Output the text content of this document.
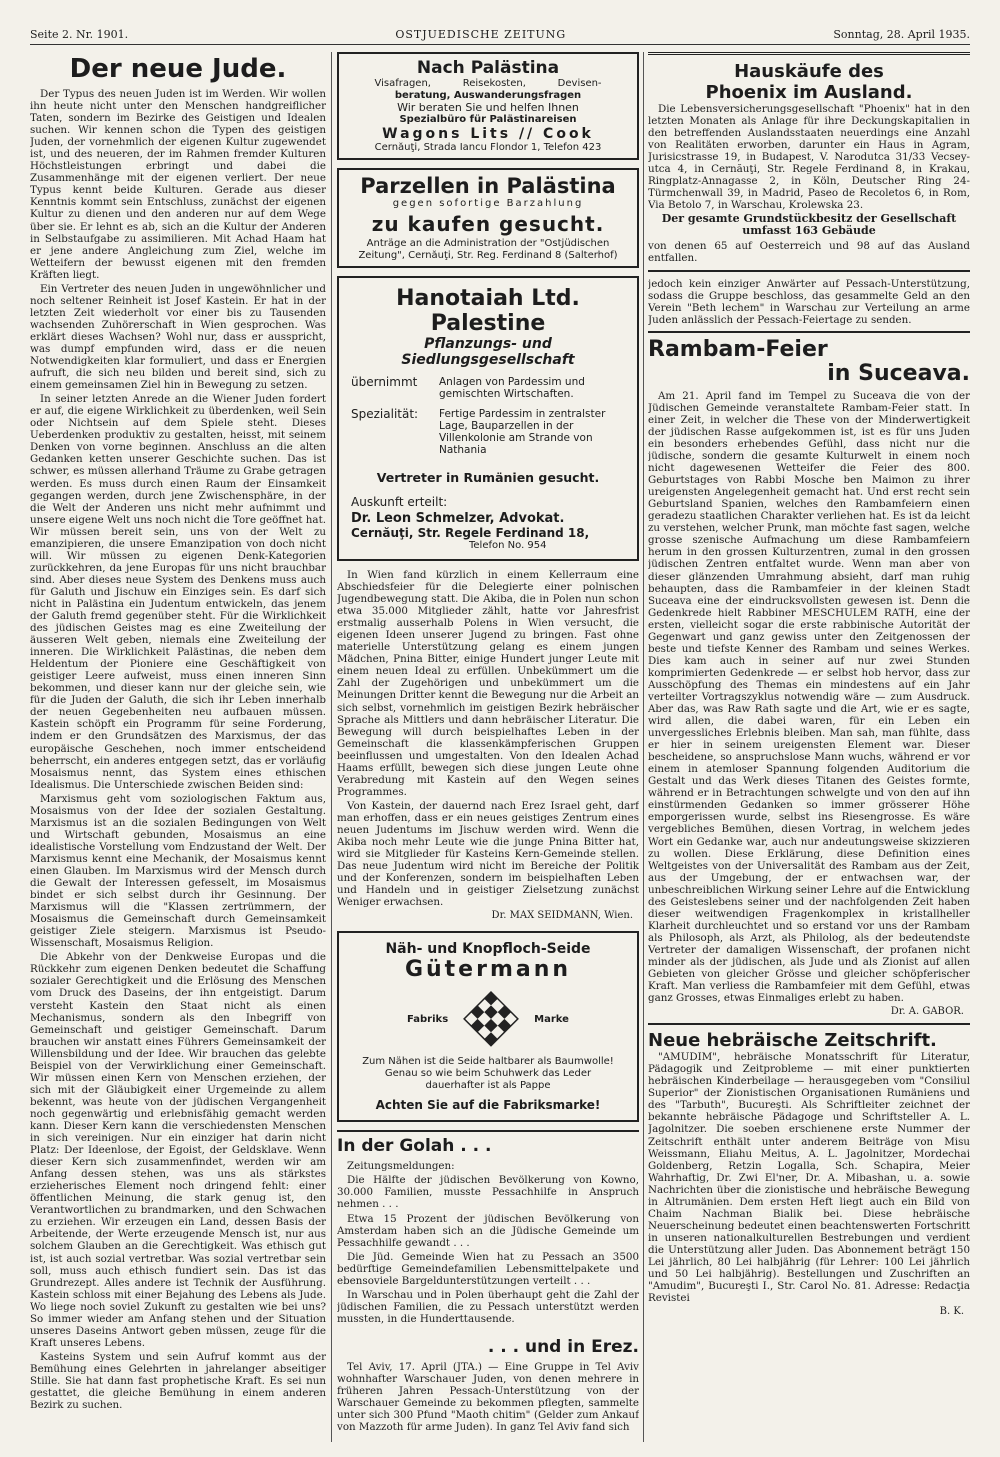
Seite 2. Nr. 1901.	OSTJUEDISCHE ZEITUNG	Sonntag, 28. April 1935.
Der neue Jude.

Der Typus des neuen Juden ist im Werden. Wir wollen ihn heute nicht unter den Menschen handgreiflicher Taten, sondern im Bezirke des Geistigen und Idealen suchen. Wir kennen schon die Typen des geistigen Juden, der vornehmlich der eigenen Kultur zugewendet ist, und des neueren, der im Rahmen fremder Kulturen Höchstleistungen erbringt und dabei die Zusammenhänge mit der eigenen verliert. Der neue Typus kennt beide Kulturen. Gerade aus dieser Kenntnis kommt sein Entschluss, zunächst der eigenen Kultur zu dienen und den anderen nur auf dem Wege über sie. Er lehnt es ab, sich an die Kultur der Anderen in Selbstaufgabe zu assimilieren. Mit Achad Haam hat er jene andere Angleichung zum Ziel, welche im Wetteifern der bewusst eigenen mit den fremden Kräften liegt.

Ein Vertreter des neuen Juden in ungewöhnlicher und noch seltener Reinheit ist Josef Kastein. Er hat in der letzten Zeit wiederholt vor einer bis zu Tausenden wachsenden Zuhörerschaft in Wien gesprochen. Was erklärt dieses Wachsen? Wohl nur, dass er ausspricht, was dumpf empfunden wird, dass er die neuen Notwendigkeiten klar formuliert, und dass er Energien aufruft, die sich neu bilden und bereit sind, sich zu einem gemeinsamen Ziel hin in Bewegung zu setzen.

In seiner letzten Anrede an die Wiener Juden fordert er auf, die eigene Wirklichkeit zu überdenken, weil Sein oder Nichtsein auf dem Spiele steht. Dieses Ueberdenken produktiv zu gestalten, heisst, mit seinem Denken von vorne beginnen. Anschluss an die alten Gedanken ketten unserer Geschichte suchen. Das ist schwer, es müssen allerhand Träume zu Grabe getragen werden. Es muss durch einen Raum der Einsamkeit gegangen werden, durch jene Zwischensphäre, in der die Welt der Anderen uns nicht mehr aufnimmt und unsere eigene Welt uns noch nicht die Tore geöffnet hat. Wir müssen bereit sein, uns von der Welt zu emanzipieren, die unsere Emanzipation von doch nicht will. Wir müssen zu eigenen Denk-Kategorien zurückkehren, da jene Europas für uns nicht brauchbar sind. Aber dieses neue System des Denkens muss auch für Galuth und Jischuw ein Einziges sein. Es darf sich nicht in Palästina ein Judentum entwickeln, das jenem der Galuth fremd gegenüber steht. Für die Wirklichkeit des jüdischen Geistes mag es eine Zweiteilung der äusseren Welt geben, niemals eine Zweiteilung der inneren. Die Wirklichkeit Palästinas, die neben dem Heldentum der Pioniere eine Geschäftigkeit von geistiger Leere aufweist, muss einen inneren Sinn bekommen, und dieser kann nur der gleiche sein, wie für die Juden der Galuth, die sich ihr Leben innerhalb der neuen Gegebenheiten neu aufbauen müssen. Kastein schöpft ein Programm für seine Forderung, indem er den Grundsätzen des Marxismus, der das europäische Geschehen, noch immer entscheidend beherrscht, ein anderes entgegen setzt, das er vorläufig Mosaismus nennt, das System eines ethischen Idealismus. Die Unterschiede zwischen Beiden sind:

Marxismus geht vom soziologischen Faktum aus, Mosaismus von der Idee der sozialen Gestaltung. Marxismus ist an die sozialen Bedingungen von Welt und Wirtschaft gebunden, Mosaismus an eine idealistische Vorstellung vom Endzustand der Welt. Der Marxismus kennt eine Mechanik, der Mosaismus kennt einen Glauben. Im Marxismus wird der Mensch durch die Gewalt der Interessen gefesselt, im Mosaismus bindet er sich selbst durch ihr Gesinnung. Der Marxismus will die "Klassen zertrümmern, der Mosaismus die Gemeinschaft durch Gemeinsamkeit geistiger Ziele steigern. Marxismus ist Pseudo-Wissenschaft, Mosaismus Religion.

Die Abkehr von der Denkweise Europas und die Rückkehr zum eigenen Denken bedeutet die Schaffung sozialer Gerechtigkeit und die Erlösung des Menschen vom Druck des Daseins, der ihn entgeistigt. Darum versteht Kastein den Staat nicht als einen Mechanismus, sondern als den Inbegriff von Gemeinschaft und geistiger Gemeinschaft. Darum brauchen wir anstatt eines Führers Gemeinsamkeit der Willensbildung und der Idee. Wir brauchen das gelebte Beispiel von der Verwirklichung einer Gemeinschaft. Wir müssen einen Kern von Menschen erziehen, der sich mit der Gläubigkeit einer Urgemeinde zu allem bekennt, was heute von der jüdischen Vergangenheit noch gegenwärtig und erlebnisfähig gemacht werden kann. Dieser Kern kann die verschiedensten Menschen in sich vereinigen. Nur ein einziger hat darin nicht Platz: Der Ideenlose, der Egoist, der Geldsklave. Wenn dieser Kern sich zusammenfindet, werden wir am Anfang dessen stehen, was uns als stärkstes erzieherisches Element noch dringend fehlt: einer öffentlichen Meinung, die stark genug ist, den Verantwortlichen zu brandmarken, und den Schwachen zu erziehen. Wir erzeugen ein Land, dessen Basis der Arbeitende, der Werte erzeugende Mensch ist, nur aus solchem Glauben an die Gerechtigkeit. Was ethisch gut ist, ist auch sozial vertretbar. Was sozial vertretbar sein soll, muss auch ethisch fundiert sein. Das ist das Grundrezept. Alles andere ist Technik der Ausführung. Kastein schloss mit einer Bejahung des Lebens als Jude. Wo liege noch soviel Zukunft zu gestalten wie bei uns? So immer wieder am Anfang stehen und der Situation unseres Daseins Antwort geben müssen, zeuge für die Kraft unseres Lebens.

Kasteins System und sein Aufruf kommt aus der Bemühung eines Gelehrten in jahrelanger abseitiger Stille. Sie hat dann fast prophetische Kraft. Es sei nun gestattet, die gleiche Bemühung in einem anderen Bezirk zu suchen.

Nach Palästina
Visafragen,          Reisekosten,          Devisen-
beratung, Auswanderungsfragen
Wir beraten Sie und helfen Ihnen
Spezialbüro für Palästinareisen
Wagons Lits // Cook
Cernăuţi, Strada Iancu Flondor 1, Telefon 423
Parzellen in Palästina
gegen sofortige Barzahlung
zu kaufen gesucht.
Anträge an die Administration der "Ostjüdischen Zeitung", Cernăuţi, Str. Reg. Ferdinand 8 (Salterhof)
Hanotaiah Ltd. Palestine
Pflanzungs- und
Siedlungsgesellschaft
übernimmt	Anlagen von Pardessim und gemischten Wirtschaften.
Spezialität:	Fertige Pardessim in zentralster Lage, Bauparzellen in der Villenkolonie am Strande von Nathania
Vertreter in Rumänien gesucht.
Auskunft erteilt:
Dr. Leon Schmelzer, Advokat.
Cernăuţi, Str. Regele Ferdinand 18,
Telefon No. 954

In Wien fand kürzlich in einem Kellerraum eine Abschiedsfeier für die Delegierte einer polnischen Jugendbewegung statt. Die Akiba, die in Polen nun schon etwa 35.000 Mitglieder zählt, hatte vor Jahresfrist erstmalig ausserhalb Polens in Wien versucht, die eigenen Ideen unserer Jugend zu bringen. Fast ohne materielle Unterstützung gelang es einem jungen Mädchen, Pnina Bitter, einige Hundert junger Leute mit einem neuen Ideal zu erfüllen. Unbekümmert um die Zahl der Zugehörigen und unbekümmert um die Meinungen Dritter kennt die Bewegung nur die Arbeit an sich selbst, vornehmlich im geistigen Bezirk hebräischer Sprache als Mittlers und dann hebräischer Literatur. Die Bewegung will durch beispielhaftes Leben in der Gemeinschaft die klassenkämpferischen Gruppen beeinflussen und umgestalten. Von den Idealen Achad Haams erfüllt, bewegen sich diese jungen Leute ohne Verabredung mit Kastein auf den Wegen seines Programmes.

Von Kastein, der dauernd nach Erez Israel geht, darf man erhoffen, dass er ein neues geistiges Zentrum eines neuen Judentums im Jischuw werden wird. Wenn die Akiba noch mehr Leute wie die junge Pnina Bitter hat, wird sie Mitglieder für Kasteins Kern-Gemeinde stellen. Das neue Judentum wird nicht im Bereiche der Politik und der Konferenzen, sondern im beispielhaften Leben und Handeln und in geistiger Zielsetzung zunächst Weniger erwachsen.

Dr. MAX SEIDMANN, Wien.
Näh- und Knopfloch-Seide
Gütermann
Fabriks	Marke
Zum Nähen ist die Seide haltbarer als Baumwolle!
Genau so wie beim Schuhwerk das Leder
dauerhafter ist als Pappe
Achten Sie auf die Fabriksmarke!
In der Golah . . .

Zeitungsmeldungen:

Die Hälfte der jüdischen Bevölkerung von Kowno, 30.000 Familien, musste Pessachhilfe in Anspruch nehmen . . .

Etwa 15 Prozent der jüdischen Bevölkerung von Amsterdam haben sich an die Jüdische Gemeinde um Pessachhilfe gewandt . . .

Die Jüd. Gemeinde Wien hat zu Pessach an 3500 bedürftige Gemeindefamilien Lebensmittelpakete und ebensoviele Bargeldunterstützungen verteilt . . .

In Warschau und in Polen überhaupt geht die Zahl der jüdischen Familien, die zu Pessach unterstützt werden mussten, in die Hunderttausende.

. . . und in Erez.

Tel Aviv, 17. April (JTA.) — Eine Gruppe in Tel Aviv wohnhafter Warschauer Juden, von denen mehrere in früheren Jahren Pessach-Unterstützung von der Warschauer Gemeinde zu bekommen pflegten, sammelte unter sich 300 Pfund "Maoth chitim" (Gelder zum Ankauf von Mazzoth für arme Juden). In ganz Tel Aviv fand sich

Hauskäufe des
Phoenix im Ausland.

Die Lebensversicherungsgesellschaft "Phoenix" hat in den letzten Monaten als Anlage für ihre Deckungskapitalien in den betreffenden Auslandsstaaten neuerdings eine Anzahl von Realitäten erworben, darunter ein Haus in Agram, Jurisicstrasse 19, in Budapest, V. Narodutca 31/33 Vecsey-utca 4, in Cernăuţi, Str. Regele Ferdinand 8, in Krakau, Ringplatz-Annagasse 2, in Köln, Deutscher Ring 24-Türmchenwall 39, in Madrid, Paseo de Recoletos 6, in Rom, Via Betolo 7, in Warschau, Krolewska 23.

Der gesamte Grundstückbesitz der Gesellschaft umfasst 163 Gebäude

von denen 65 auf Oesterreich und 98 auf das Ausland entfallen.

jedoch kein einziger Anwärter auf Pessach-Unterstützung, sodass die Gruppe beschloss, das gesammelte Geld an den Verein "Beth lechem" in Warschau zur Verteilung an arme Juden anlässlich der Pessach-Feiertage zu senden.

Rambam-Feier
in Suceava.

Am 21. April fand im Tempel zu Suceava die von der Jüdischen Gemeinde veranstaltete Rambam-Feier statt. In einer Zeit, in welcher die These von der Minderwertigkeit der jüdischen Rasse aufgekommen ist, ist es für uns Juden ein besonders erhebendes Gefühl, dass nicht nur die jüdische, sondern die gesamte Kulturwelt in einem noch nicht dagewesenen Wetteifer die Feier des 800. Geburtstages von Rabbi Mosche ben Maimon zu ihrer ureigensten Angelegenheit gemacht hat. Und erst recht sein Geburtsland Spanien, welches den Rambamfeiern einen geradezu staatlichen Charakter verliehen hat. Es ist da leicht zu verstehen, welcher Prunk, man möchte fast sagen, welche grosse szenische Aufmachung um diese Rambamfeiern herum in den grossen Kulturzentren, zumal in den grossen jüdischen Zentren entfaltet wurde. Wenn man aber von dieser glänzenden Umrahmung absieht, darf man ruhig behaupten, dass die Rambamfeier in der kleinen Stadt Suceava eine der eindrucksvollsten gewesen ist. Denn die Gedenkrede hielt Rabbiner MESCHULEM RATH, eine der ersten, vielleicht sogar die erste rabbinische Autorität der Gegenwart und ganz gewiss unter den Zeitgenossen der beste und tiefste Kenner des Rambam und seines Werkes. Dies kam auch in seiner auf nur zwei Stunden komprimierten Gedenkrede — er selbst hob hervor, dass zur Ausschöpfung des Themas ein mindestens auf ein Jahr verteilter Vortragszyklus notwendig wäre — zum Ausdruck. Aber das, was Raw Rath sagte und die Art, wie er es sagte, wird allen, die dabei waren, für ein Leben ein unvergessliches Erlebnis bleiben. Man sah, man fühlte, dass er hier in seinem ureigensten Element war. Dieser bescheidene, so anspruchslose Mann wuchs, während er vor einem in atemloser Spannung folgenden Auditorium die Gestalt und das Werk dieses Titanen des Geistes formte, während er in Betrachtungen schwelgte und von den auf ihn einstürmenden Gedanken so immer grösserer Höhe emporgerissen wurde, selbst ins Riesengrosse. Es wäre vergebliches Bemühen, diesen Vortrag, in welchem jedes Wort ein Gedanke war, auch nur andeutungsweise skizzieren zu wollen. Diese Erklärung, diese Definition eines Weltgeistes von der Universalität des Rambam aus der Zeit, aus der Umgebung, der er entwachsen war, der unbeschreiblichen Wirkung seiner Lehre auf die Entwicklung des Geisteslebens seiner und der nachfolgenden Zeit haben dieser weitwendigen Fragenkomplex in kristallheller Klarheit durchleuchtet und so erstand vor uns der Rambam als Philosoph, als Arzt, als Philolog, als der bedeutendste Vertreter der damaligen Wissenschaft, der profanen nicht minder als der jüdischen, als Jude und als Zionist auf allen Gebieten von gleicher Grösse und gleicher schöpferischer Kraft. Man verliess die Rambamfeier mit dem Gefühl, etwas ganz Grosses, etwas Einmaliges erlebt zu haben.

Dr. A. GABOR.
Neue hebräische Zeitschrift.

"AMUDIM", hebräische Monatsschrift für Literatur, Pädagogik und Zeitprobleme — mit einer punktierten hebräischen Kinderbeilage — herausgegeben vom "Consiliul Superior" der Zionistischen Organisationen Rumäniens und des "Tarbuth", Bucureşti. Als Schriftleiter zeichnet der bekannte hebräische Pädagoge und Schriftsteller A. L. Jagolnitzer. Die soeben erschienene erste Nummer der Zeitschrift enthält unter anderem Beiträge von Misu Weissmann, Eliahu Meitus, A. L. Jagolnitzer, Mordechai Goldenberg, Retzin Logalla, Sch. Schapira, Meier Wahrhaftig, Dr. Zwi El'ner, Dr. A. Mibashan, u. a. sowie Nachrichten über die zionistische und hebräische Bewegung in Altrumänien. Dem ersten Heft liegt auch ein Bild von Chaim Nachman Bialik bei. Diese hebräische Neuerscheinung bedeutet einen beachtenswerten Fortschritt in unseren nationalkulturellen Bestrebungen und verdient die Unterstützung aller Juden. Das Abonnement beträgt 150 Lei jährlich, 80 Lei halbjährig (für Lehrer: 100 Lei jährlich und 50 Lei halbjährig). Bestellungen und Zuschriften an "Amudim", Bucureşti I., Str. Carol No. 81. Adresse: Redacţia Revistei

B. K.
